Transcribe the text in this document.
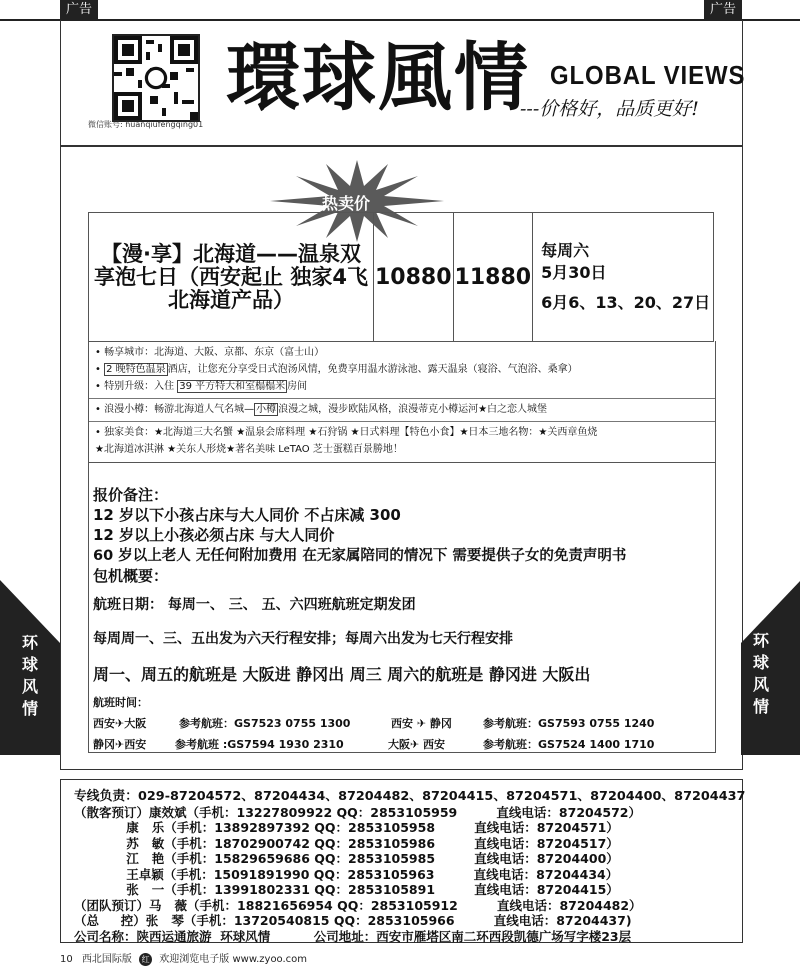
广告	广告
微信账号: huanqiufengqing01
環球風情 GLOBAL VIEWS
---价格好，品质更好!
热卖价
【漫·享】北海道——温泉双享泡七日（西安起止 独家4飞北海道产品）	10880	11880	
每周六
5月30日
6月6、13、20、27日
• 畅享城市：北海道、大阪、京都、东京（富士山）
• 2 晚特色温泉 酒店，让您充分享受日式泡汤风情，免费享用温水游泳池、露天温泉（寝浴、气泡浴、桑拿）
• 特别升级：入住 39 平方特大和室榻榻米 房间
• 浪漫小樽：畅游北海道人气名城— 小樽 浪漫之城，漫步欧陆风格，浪漫蒂克小樽运河★白之恋人城堡
• 独家美食：★北海道三大名蟹 ★温泉会席料理 ★石狩锅 ★日式料理【特色小食】★日本三地名物：★关西章鱼烧
★北海道冰淇淋 ★关东人形烧★著名美味 LeTAO 芝士蛋糕百景勝地！
报价备注：
12 岁以下小孩占床与大人同价 不占床减 300
12 岁以上小孩必须占床 与大人同价
60 岁以上老人 无任何附加费用 在无家属陪同的情况下 需要提供子女的免责声明书
包机概要：
航班日期： 每周一、 三、 五、六四班航班定期发团
每周周一、三、五出发为六天行程安排；每周六出发为七天行程安排
周一、周五的航班是 大阪进 静冈出 周三 周六的航班是 静冈进 大阪出
航班时间：
西安✈大阪	参考航班：GS7523 0755 1300	西安 ✈ 静冈	参考航班：GS7593 0755 1240
静冈✈西安	参考航班 :GS7594 1930 2310	大阪✈ 西安	参考航班：GS7524 1400 1710
环球风情
环球风情
专线负责：029-87204572、87204434、87204482、87204415、87204571、87204400、87204437
（散客预订）康效斌（手机：13227809922 QQ：2853105959         直线电话：87204572）
康   乐（手机：13892897392 QQ：2853105958         直线电话：87204571）
苏   敏（手机：18702900742 QQ：2853105986         直线电话：87204517）
江   艳（手机：15829659686 QQ：2853105985         直线电话：87204400）
王卓颖（手机：15091891990 QQ：2853105963         直线电话：87204434）
张   一（手机：13991802331 QQ：2853105891         直线电话：87204415）
（团队预订）马   薇（手机：18821656954 QQ：2853105912         直线电话：87204482）
（总     控）张   琴（手机：13720540815 QQ：2853105966         直线电话：87204437)
公司名称：陕西运通旅游  环球风情          公司地址：西安市雁塔区南二环西段凯德广场写字楼23层
10 西北国际版 红 欢迎浏览电子版 www.zyoo.com
